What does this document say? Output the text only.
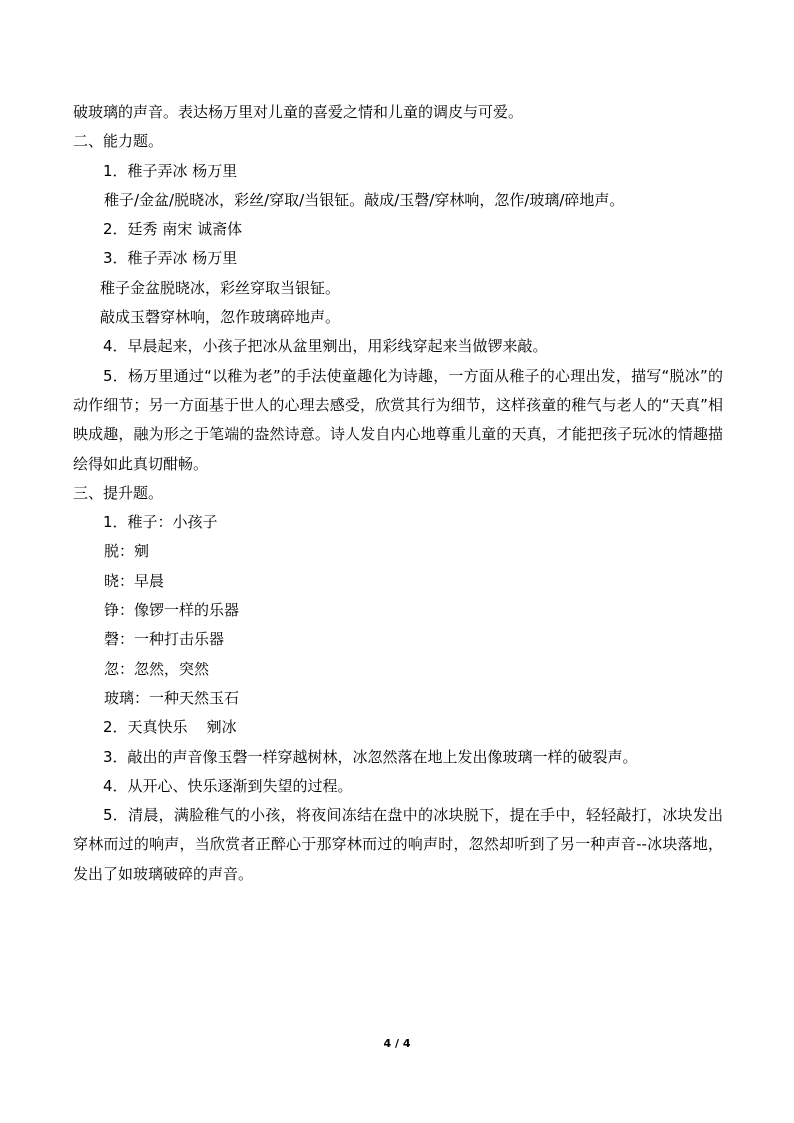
破玻璃的声音。表达杨万里对儿童的喜爱之情和儿童的调皮与可爱。
二、能力题。
1．稚子弄冰 杨万里
稚子/金盆/脱晓冰，彩丝/穿取/当银钲。敲成/玉磬/穿林响，忽作/玻璃/碎地声。
2．廷秀 南宋 诚斋体
3．稚子弄冰 杨万里
稚子金盆脱晓冰，彩丝穿取当银钲。
敲成玉磬穿林响，忽作玻璃碎地声。
4．早晨起来，小孩子把冰从盆里剜出，用彩线穿起来当做锣来敲。
5．杨万里通过“以稚为老”的手法使童趣化为诗趣，一方面从稚子的心理出发，描写“脱冰”的动作细节；另一方面基于世人的心理去感受，欣赏其行为细节，这样孩童的稚气与老人的“天真”相映成趣，融为形之于笔端的盎然诗意。诗人发自内心地尊重儿童的天真，才能把孩子玩冰的情趣描绘得如此真切酣畅。
三、提升题。
1．稚子：小孩子
脱：剜
晓：早晨
铮：像锣一样的乐器
磬：一种打击乐器
忽：忽然，突然
玻璃：一种天然玉石
2．天真快乐    剜冰
3．敲出的声音像玉磬一样穿越树林，冰忽然落在地上发出像玻璃一样的破裂声。
4．从开心、快乐逐渐到失望的过程。
5．清晨，满脸稚气的小孩，将夜间冻结在盘中的冰块脱下，提在手中，轻轻敲打，冰块发出穿林而过的响声，当欣赏者正醉心于那穿林而过的响声时，忽然却听到了另一种声音--冰块落地，发出了如玻璃破碎的声音。
4 / 4
